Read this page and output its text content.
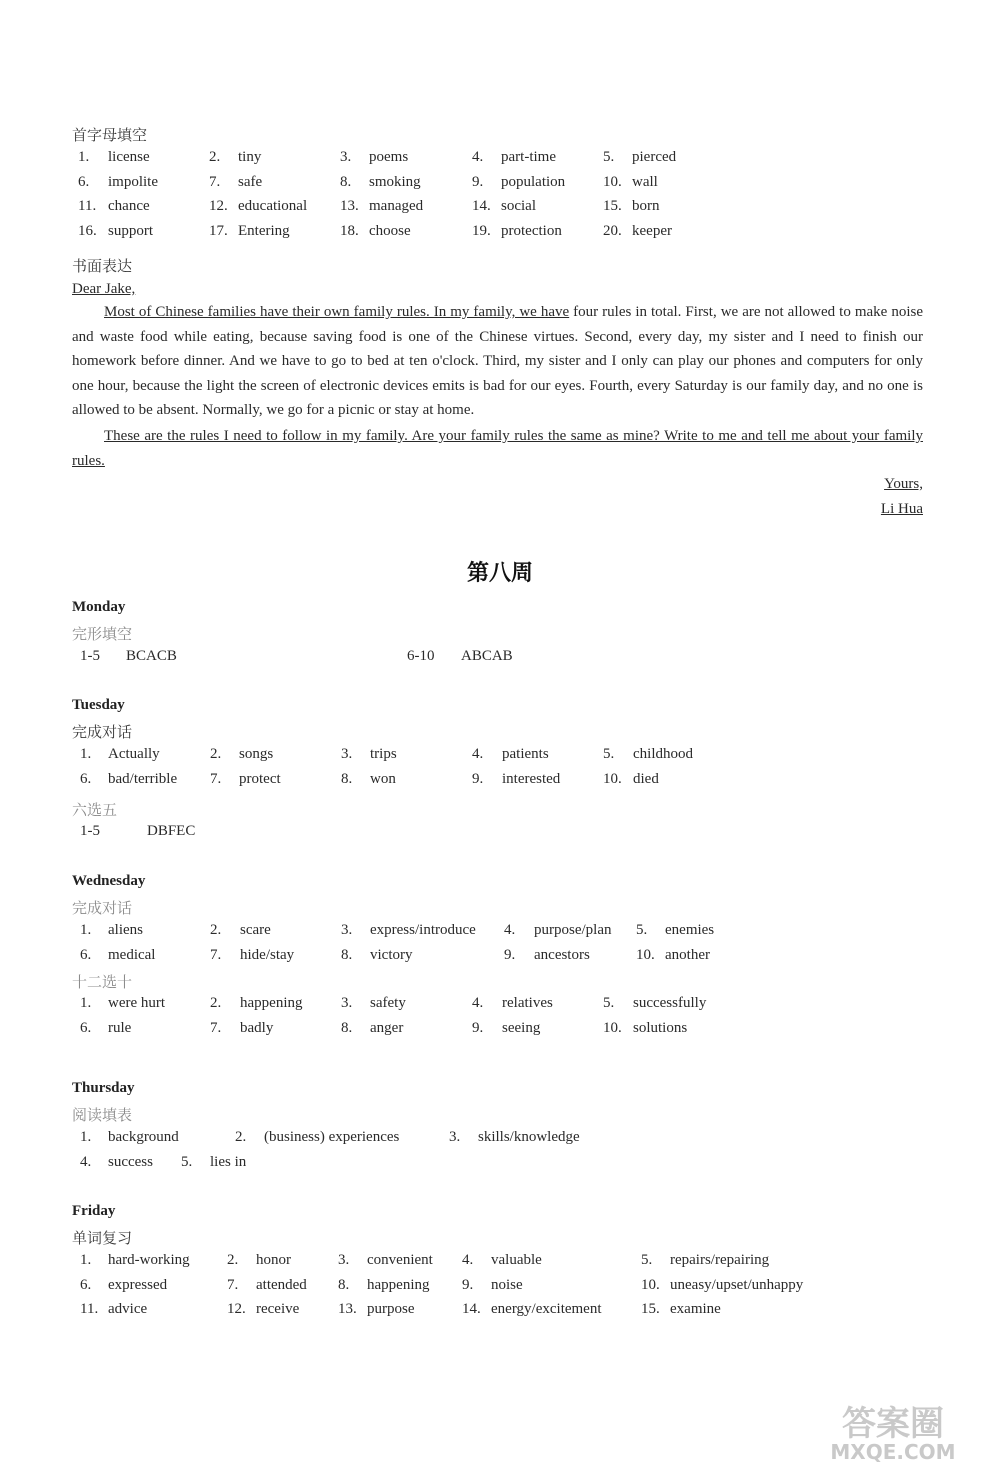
首字母填空
1. license	2. tiny	3. poems	4. part-time	5. pierced
6. impolite	7. safe	8. smoking	9. population	10. wall
11. chance	12. educational 13. managed	14. social	15. born
16. support	17. Entering	18. choose	19. protection	20. keeper
书面表达
Dear Jake,
Most of Chinese families have their own family rules. In my family, we have four rules in total. First, we are not allowed to make noise and waste food while eating, because saving food is one of the Chinese virtues. Second, every day, my sister and I need to finish our homework before dinner. And we have to go to bed at ten o'clock. Third, my sister and I only can play our phones and computers for only one hour, because the light the screen of electronic devices emits is bad for our eyes. Fourth, every Saturday is our family day, and no one is allowed to be absent. Normally, we go for a picnic or stay at home.
These are the rules I need to follow in my family. Are your family rules the same as mine? Write to me and tell me about your family rules.
Yours,
Li Hua
第八周
Monday
完形填空
1-5 BCACB	6-10 ABCAB
Tuesday
完成对话
1. Actually	2. songs	3. trips	4. patients	5. childhood
6. bad/terrible 7. protect	8. won	9. interested	10. died
六选五
1-5	DBFEC
Wednesday
完成对话
1. aliens	2. scare	3. express/introduce 4. purpose/plan 5. enemies
6. medical	7. hide/stay	8. victory	9. ancestors	10. another
十二选十
1. were hurt	2. happening	3. safety	4. relatives	5. successfully
6. rule	7. badly	8. anger	9. seeing	10. solutions
Thursday
阅读填表
1. background	2. (business) experiences	3. skills/knowledge
4. success 5. lies in
Friday
单词复习
1. hard-working 2. honor	3. convenient 4. valuable	5. repairs/repairing
6. expressed	7. attended 8. happening 9. noise	10. uneasy/upset/unhappy
11. advice	12. receive	13. purpose	14. energy/excitement	15. examine
答案圈
MXQE.COM
